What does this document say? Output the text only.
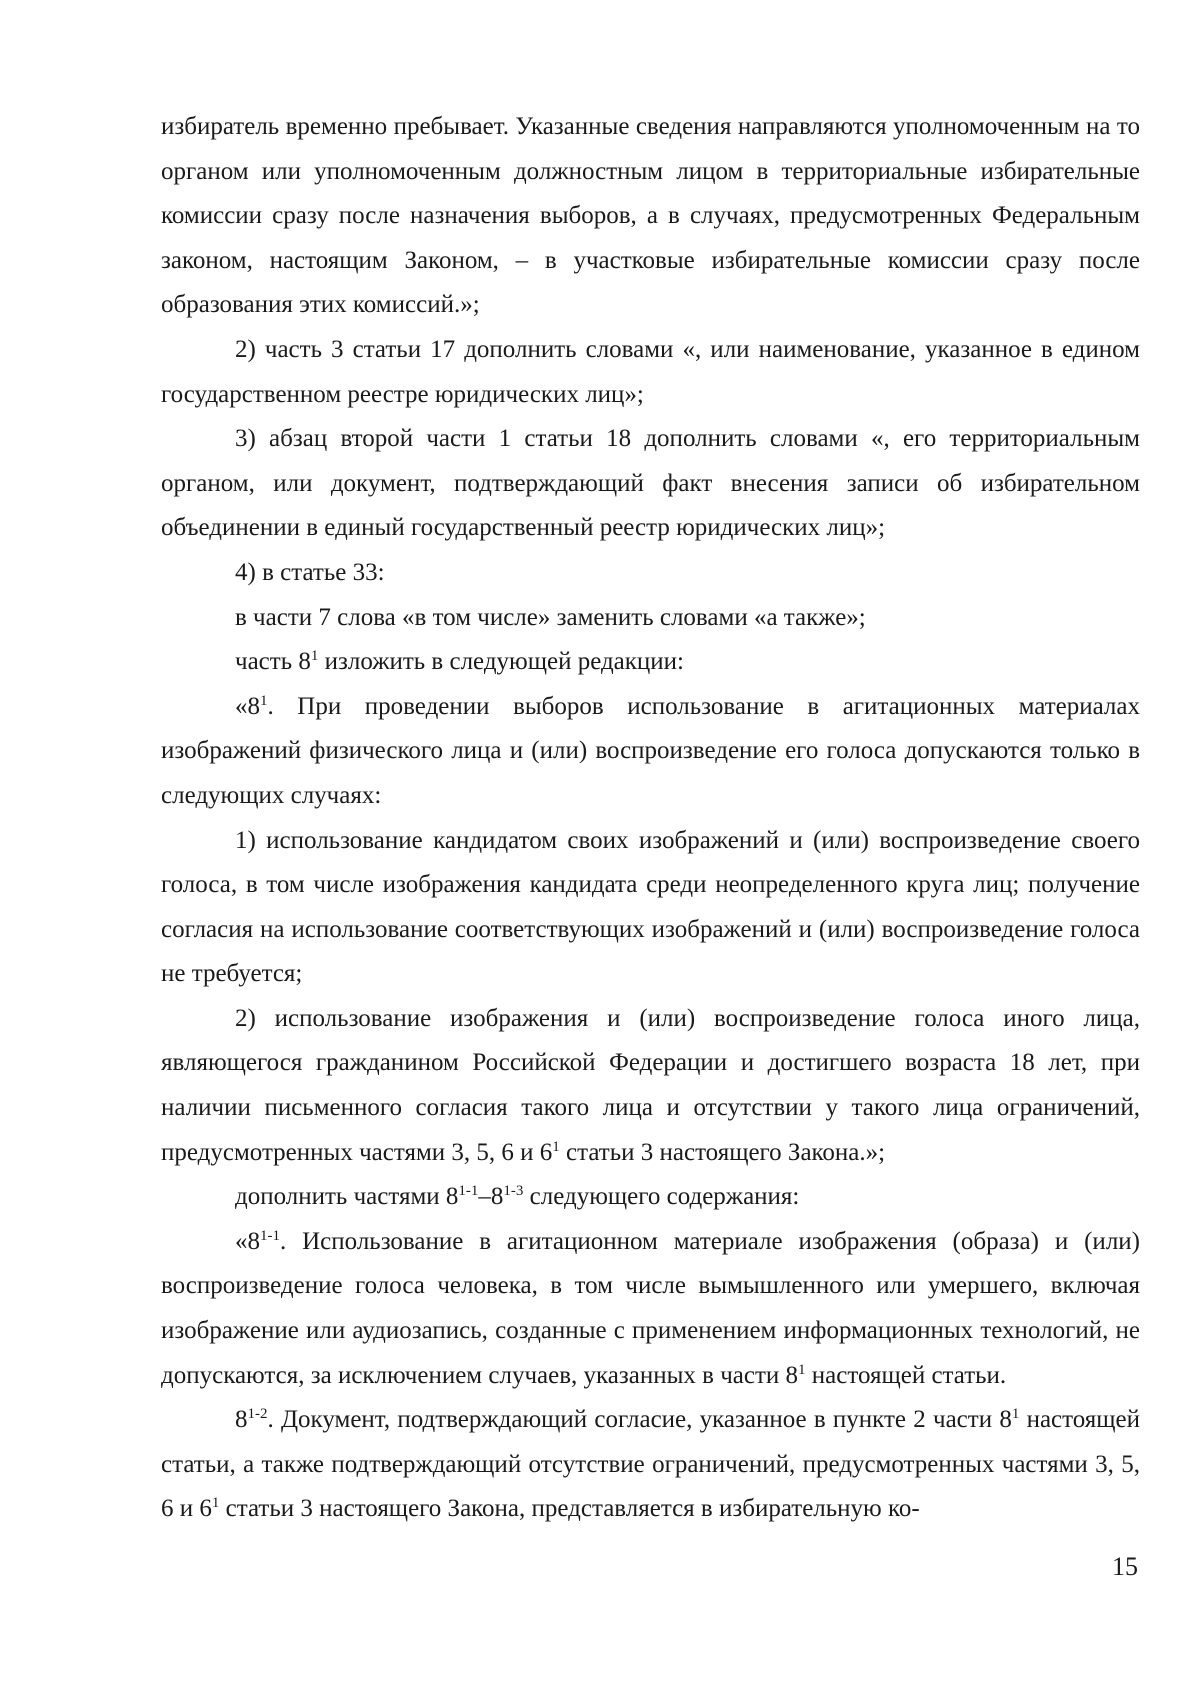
избиратель временно пребывает. Указанные сведения направляются уполномоченным на то органом или уполномоченным должностным лицом в территориальные избирательные комиссии сразу после назначения выборов, а в случаях, предусмотренных Федеральным законом, настоящим Законом, – в участковые избирательные комиссии сразу после образования этих комиссий.»;

2) часть 3 статьи 17 дополнить словами «, или наименование, указанное в едином государственном реестре юридических лиц»;

3) абзац второй части 1 статьи 18 дополнить словами «, его территориальным органом, или документ, подтверждающий факт внесения записи об избирательном объединении в единый государственный реестр юридических лиц»;

4) в статье 33:

в части 7 слова «в том числе» заменить словами «а также»;

часть $8^1$ изложить в следующей редакции:

«$8^1$. При проведении выборов использование в агитационных материалах изображений физического лица и (или) воспроизведение его голоса допускаются только в следующих случаях:

1) использование кандидатом своих изображений и (или) воспроизведение своего голоса, в том числе изображения кандидата среди неопределенного круга лиц; получение согласия на использование соответствующих изображений и (или) воспроизведение голоса не требуется;

2) использование изображения и (или) воспроизведение голоса иного лица, являющегося гражданином Российской Федерации и достигшего возраста 18 лет, при наличии письменного согласия такого лица и отсутствии у такого лица ограничений, предусмотренных частями 3, 5, 6 и $6^1$ статьи 3 настоящего Закона.»;

дополнить частями 8$^{1-1}$–8$^{1-3}$ следующего содержания:

«8$^{1-1}$. Использование в агитационном материале изображения (образа) и (или) воспроизведение голоса человека, в том числе вымышленного или умершего, включая изображение или аудиозапись, созданные с применением информационных технологий, не допускаются, за исключением случаев, указанных в части $8^1$ настоящей статьи.

8$^{1-2}$. Документ, подтверждающий согласие, указанное в пункте 2 части $8^1$ настоящей статьи, а также подтверждающий отсутствие ограничений, предусмотренных частями 3, 5, 6 и $6^1$ статьи 3 настоящего Закона, представляется в избирательную ко-

15
